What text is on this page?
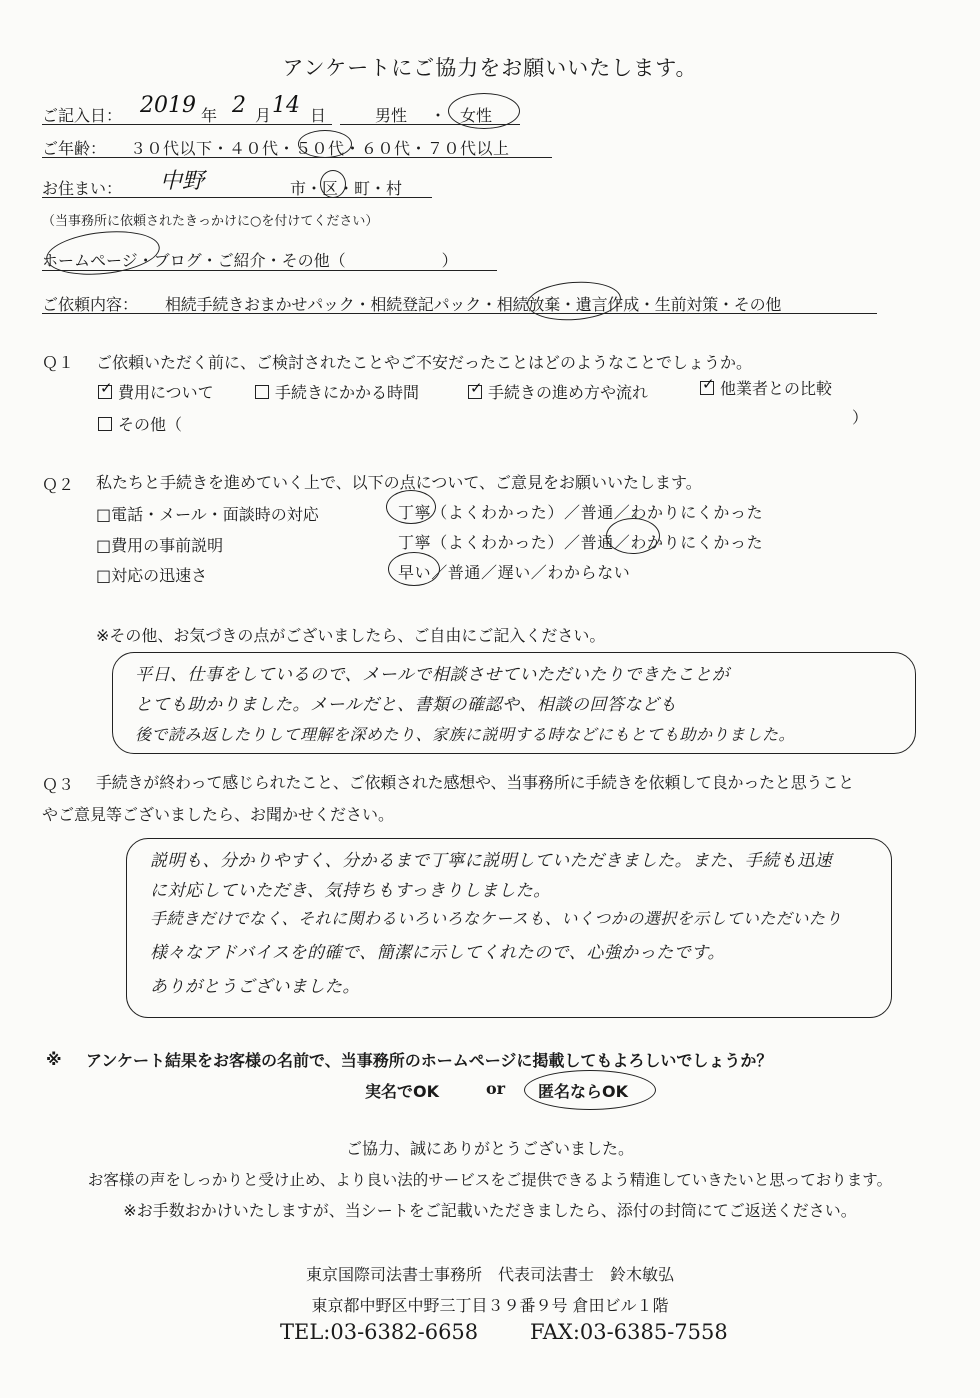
アンケートにご協力をお願いいたします。
ご記入日： 2019 年 2 月 14 日	男性 ・ 女性
ご年齢： ３０代以下・４０代・５０代・６０代・７０代以上
お住まい： 中野	市・区・町・村
（当事務所に依頼されたきっかけに○を付けてください）
ホームページ・ブログ・ご紹介・その他（　　　　　　）
ご依頼内容： 相続手続きおまかせパック・相続登記パック・相続放棄・遺言作成・生前対策・その他
Ｑ１ ご依頼いただく前に、ご検討されたことやご不安だったことはどのようなことでしょうか。
✓費用について	手続きにかかる時間 ✓	手続きの進め方や流れ ✓	他業者との比較
その他（	）
Ｑ２ 私たちと手続きを進めていく上で、以下の点について、ご意見をお願いいたします。
□電話・メール・面談時の対応	丁寧（よくわかった）／普通／わかりにくかった
□費用の事前説明	丁寧（よくわかった）／普通／わかりにくかった
□対応の迅速さ	早い／普通／遅い／わからない
※その他、お気づきの点がございましたら、ご自由にご記入ください。
平日、仕事をしているので、メールで相談させていただいたりできたことが
とても助かりました。メールだと、書類の確認や、相談の回答なども
後で読み返したりして理解を深めたり、家族に説明する時などにもとても助かりました。
Ｑ３ 手続きが終わって感じられたこと、ご依頼された感想や、当事務所に手続きを依頼して良かったと思うこと
やご意見等ございましたら、お聞かせください。
説明も、分かりやすく、分かるまで丁寧に説明していただきました。また、手続も迅速
に対応していただき、気持ちもすっきりしました。
手続きだけでなく、それに関わるいろいろなケースも、いくつかの選択を示していただいたり
様々なアドバイスを的確で、簡潔に示してくれたので、心強かったです。
ありがとうございました。
※ アンケート結果をお客様の名前で、当事務所のホームページに掲載してもよろしいでしょうか？
実名でOK	or 匿名ならOK
ご協力、誠にありがとうございました。
お客様の声をしっかりと受け止め、より良い法的サービスをご提供できるよう精進していきたいと思っております。
※お手数おかけいたしますが、当シートをご記載いただきましたら、添付の封筒にてご返送ください。
東京国際司法書士事務所　代表司法書士　鈴木敏弘
東京都中野区中野三丁目３９番９号 倉田ビル１階
TEL:03-6382-6658 FAX:03-6385-7558
